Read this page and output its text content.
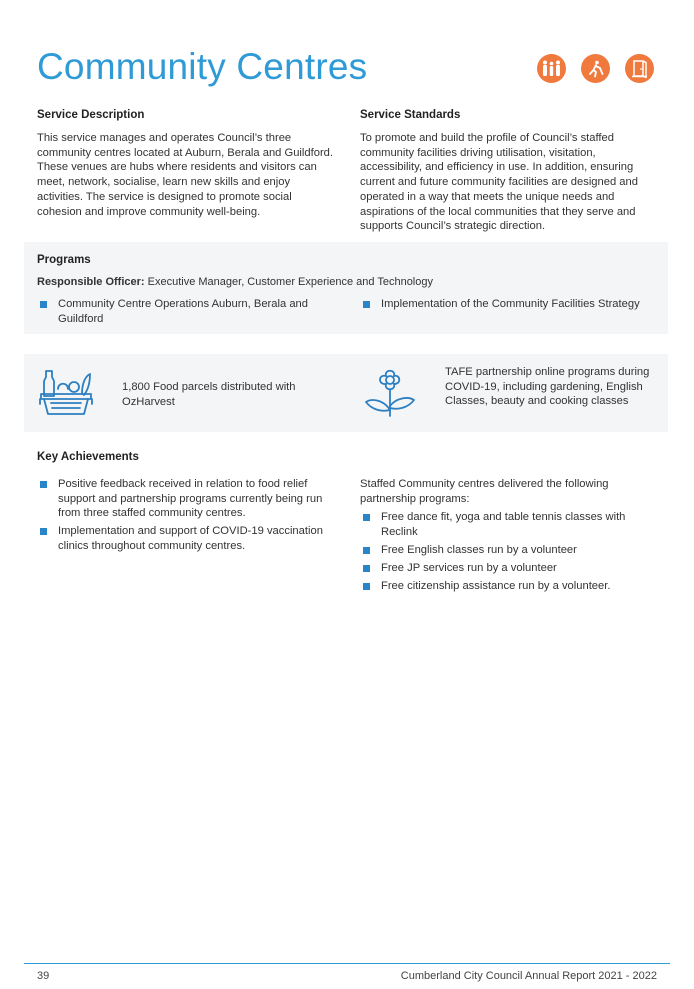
Community Centres
Service Description
This service manages and operates Council’s three community centres located at Auburn, Berala and Guildford. These venues are hubs where residents and visitors can meet, network, socialise, learn new skills and enjoy activities. The service is designed to promote social cohesion and improve community well-being.
Service Standards
To promote and build the profile of Council’s staffed community facilities driving utilisation, visitation, accessibility, and efficiency in use. In addition, ensuring current and future community facilities are designed and operated in a way that meets the unique needs and aspirations of the local communities that they serve and supports Council’s strategic direction.
Programs
Responsible Officer: Executive Manager, Customer Experience and Technology
Community Centre Operations Auburn, Berala and Guildford
Implementation of the Community Facilities Strategy
1,800 Food parcels distributed with OzHarvest
TAFE partnership online programs during COVID-19, including gardening, English Classes, beauty and cooking classes
Key Achievements
Positive feedback received in relation to food relief support and partnership programs currently being run from three staffed community centres.
Implementation and support of COVID-19 vaccination clinics throughout community centres.
Staffed Community centres delivered the following partnership programs:
Free dance fit, yoga and table tennis classes with Reclink
Free English classes run by a volunteer
Free JP services run by a volunteer
Free citizenship assistance run by a volunteer.
39	Cumberland City Council Annual Report 2021 - 2022
